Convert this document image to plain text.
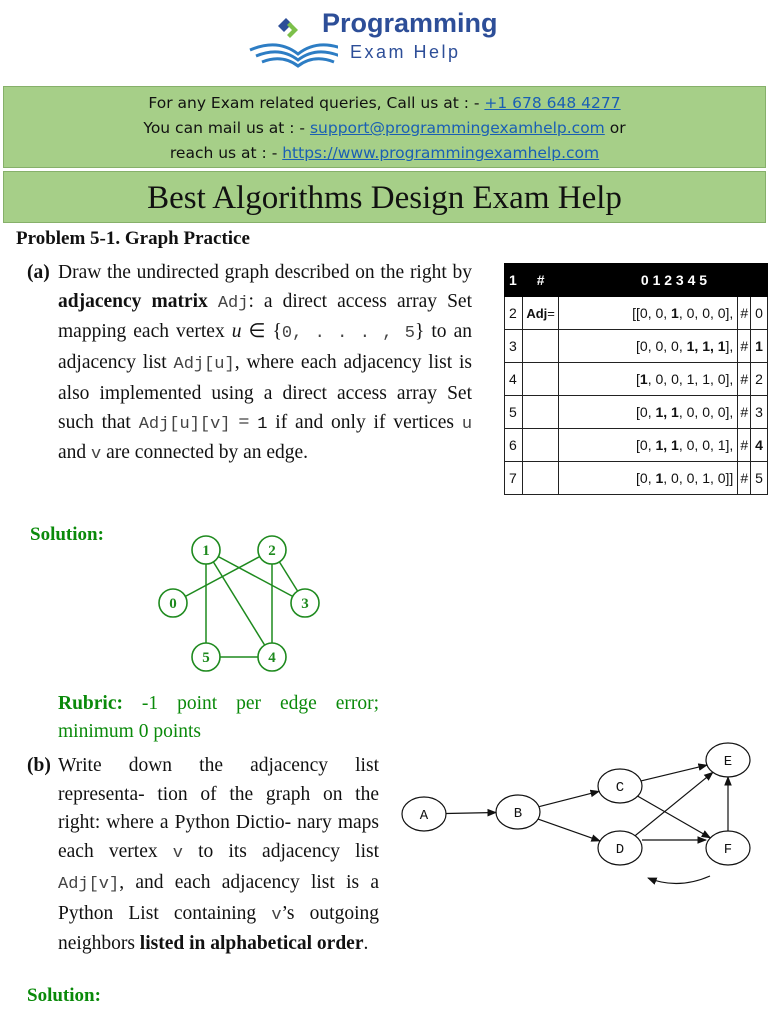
Programming
Exam Help
For any Exam related queries, Call us at : - +1 678 648 4277
You can mail us at : - support@programmingexamhelp.com or
reach us at : - https://www.programmingexamhelp.com
Best Algorithms Design Exam Help
Problem 5-1. Graph Practice
(a) Draw the undirected graph described on the right by adjacency matrix Adj: a direct access array Set mapping each vertex u ∈ {0, . . . , 5} to an adjacency list Adj[u], where each adjacency list is also implemented using a direct access array Set such that Adj[u][v] = 1 if and only if vertices u and v are connected by an edge.
1	#	0 1 2 3 4 5		
2	Adj=	[[0, 0, 1, 0, 0, 0],	#	0
3		[0, 0, 0, 1, 1, 1],	#	1
4		[1, 0, 0, 1, 1, 0],	#	2
5		[0, 1, 1, 0, 0, 0],	#	3
6		[0, 1, 1, 0, 0, 1],	#	4
7		[0, 1, 0, 0, 1, 0]]	#	5
Solution:
0
1	2
3
4
5
Rubric: -1 point per edge error; minimum 0 points
(b) Write down the adjacency list representa- tion of the graph on the right: where a Python Dictio- nary maps each vertex v to its adjacency list Adj[v], and each adjacency list is a Python List containing v’s outgoing neighbors listed in alphabetical order.
A	B
C
D
E
F
Solution:
